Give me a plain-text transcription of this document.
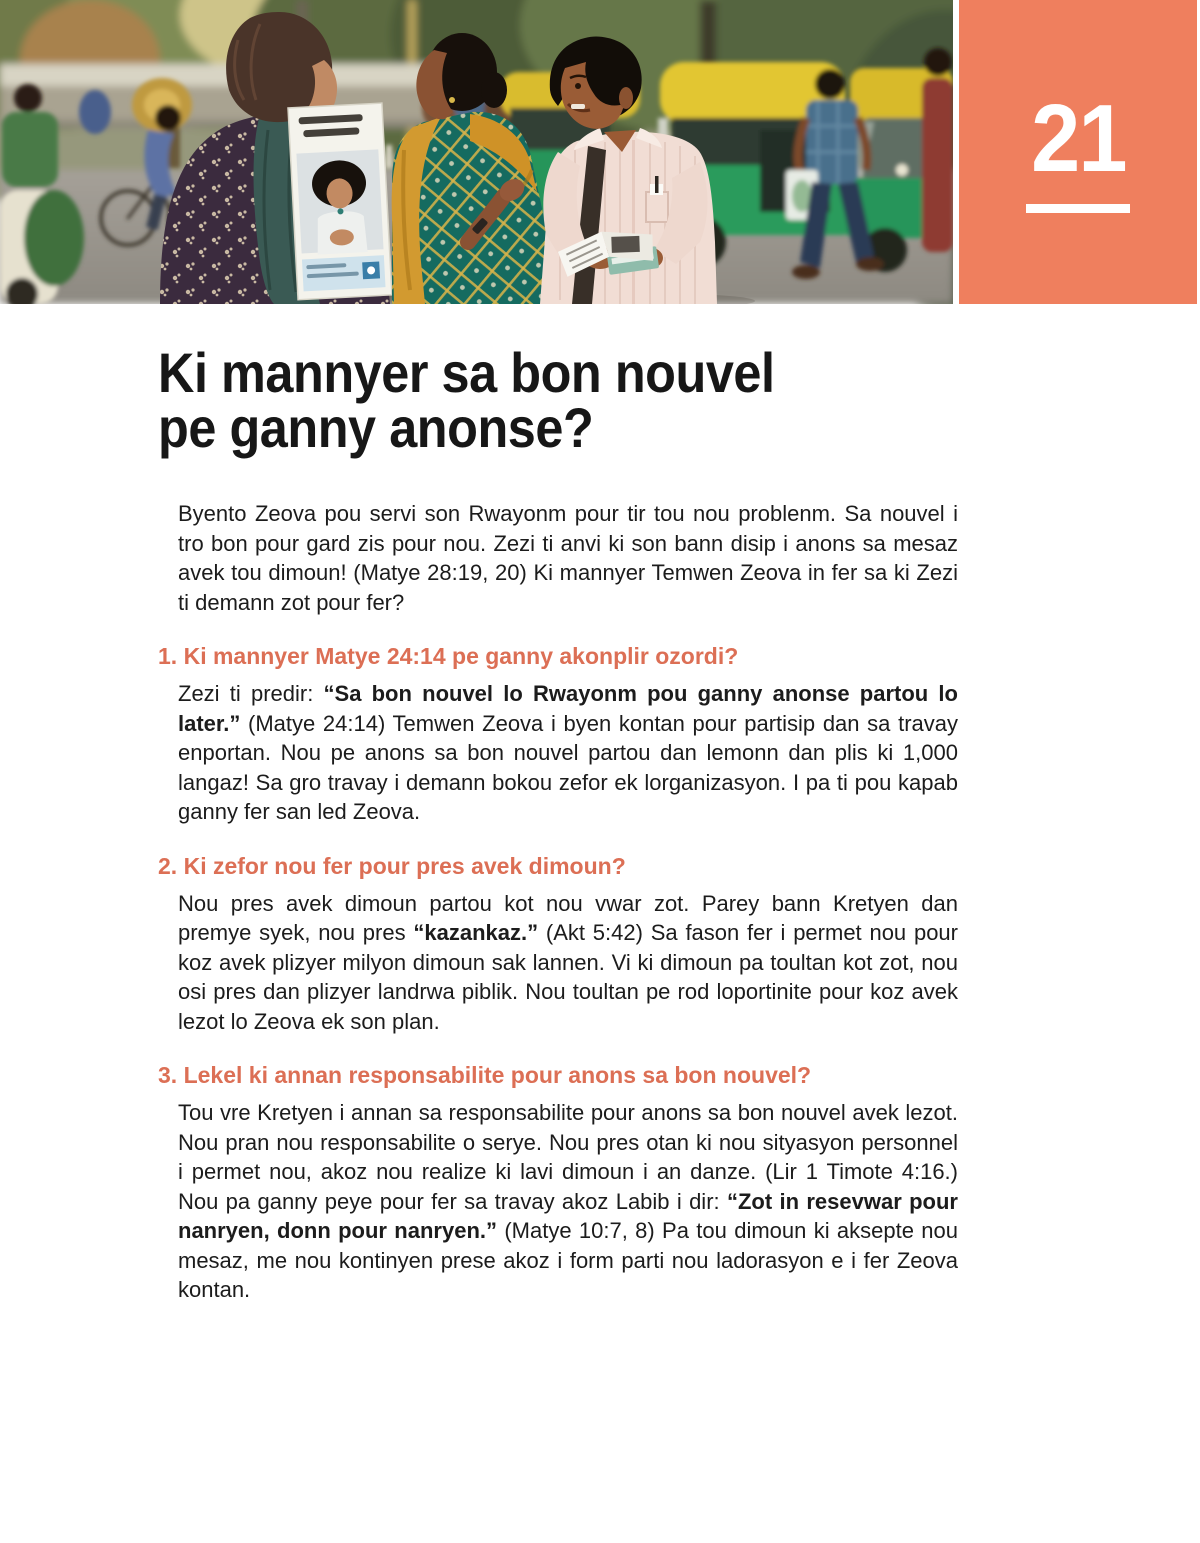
21
Ki mannyer sa bon nouvel
pe ganny anonse?

Byento Zeova pou servi son Rwayonm pour tir tou nou problenm. Sa nouvel i tro bon pour gard zis pour nou. Zezi ti anvi ki son bann disip i anons sa mesaz avek tou dimoun! (Matye 28:19, 20) Ki mannyer Temwen Zeova in fer sa ki Zezi ti demann zot pour fer?

1. Ki mannyer Matye 24:14 pe ganny akonplir ozordi?

Zezi ti predir: “Sa bon nouvel lo Rwayonm pou ganny anonse partou lo later.” (Matye 24:14) Temwen Zeova i byen kontan pour partisip dan sa travay enportan. Nou pe anons sa bon nouvel partou dan lemonn dan plis ki 1,000 langaz! Sa gro travay i demann bokou zefor ek lorganizasyon. I pa ti pou kapab ganny fer san led Zeova.

2. Ki zefor nou fer pour pres avek dimoun?

Nou pres avek dimoun partou kot nou vwar zot. Parey bann Kretyen dan premye syek, nou pres “kazankaz.” (Akt 5:42) Sa fason fer i permet nou pour koz avek plizyer milyon dimoun sak lannen. Vi ki dimoun pa toultan kot zot, nou osi pres dan plizyer landrwa piblik. Nou toultan pe rod loportinite pour koz avek lezot lo Zeova ek son plan.

3. Lekel ki annan responsabilite pour anons sa bon nouvel?

Tou vre Kretyen i annan sa responsabilite pour anons sa bon nouvel avek lezot. Nou pran nou responsabilite o serye. Nou pres otan ki nou sityasyon personnel i permet nou, akoz nou realize ki lavi dimoun i an danze. (Lir 1 Timote 4:16.) Nou pa ganny peye pour fer sa travay akoz Labib i dir: “Zot in resevwar pour nanryen, donn pour nanryen.” (Matye 10:7, 8) Pa tou dimoun ki aksepte nou mesaz, me nou kontinyen prese akoz i form parti nou ladorasyon e i fer Zeova kontan.
